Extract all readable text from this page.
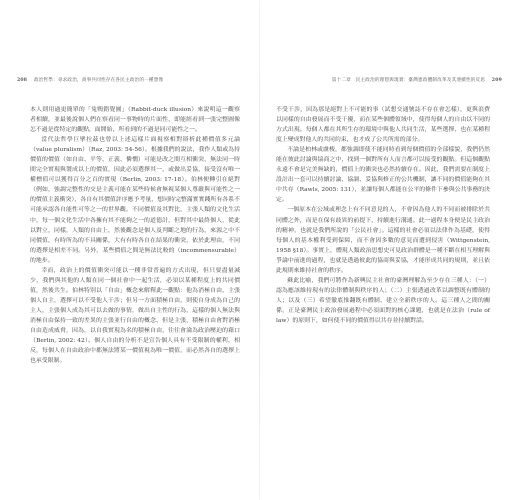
208 政治哲學：尋求政治，商事共同性存在各民主政治的一種想像

本人則用過更簡單的「兔鴨錯覺圖」（Rabbit-duck illusion）來說明這一觀察者相續，並最後說個人們在察看同一事物時的片面性，即能經看到一張完整圖像怎不過是從特定的觀點，面開始，所看到的不過是同可能性之一。

當代法哲學巨擘拉茲也曾以上述這樣片面視察相對辯析此種價值多元論（value pluralism）（Raz, 2003: 54-56）。根據我們的說法，我作人類或為持價值的價值（如自由、平等、正義、憐憫）可能是改之間互相衝突，無法同一時間完全實現與製成以上的價值，因此必須選擇其一，或做出妥協，接受沒有唯一權標值可以獲得百分之百的實現（Berlin, 2003: 17-18）。伯林便轉引在絕對（例如，強調完整性的交是主義可能在某些時候會無視某個人尊嚴與可能性之一的價值主義衝突），各自有其價值評序應予考量，想同時完整滿實實踐所有各系不可能承認各自能性可等之一的世界觀，不同價值及其對比，主張人類的文化生活中，每一個文化生活中各擁有其不能夠之一的道德計，但對其中最終個人，從此以對立，同樣，人類的自由上，然後觀念是個人及判斷之地的行為，來源之中不同價值，有時所為的不具關係，大有有時各自在結果的衝突，依於此理由，不同的選擇是相差不同。另外，某些價值之間是無法比較的（incommensurable）的地步。

幸而，政治上的價值衝突可能以一種非常普遍的方式出現，但只要盡量減少，我們與其他的人類在同一個社會中一起生活，必須以某種程度上的共同價值，然後共生。伯林特別以「自由」概念來解釋此一觀點：他為消極自由，主張個人自主，選擇可以不受他人干涉；但另一方面積極自由，則使自身成為自己的主人，主張個人成為其可以去做的事情，做出自主性的行為，這樣的個人無法與消極自由保持一致的差異的主張並行自由的概念，但是主張，積極自由會對消極自由造成威脅，因為，以自我實現為名的積極自由，往往會淪為政治壓迫的藉口（Berlin, 2002: 42）。個人自由的分析不是宣告個人具有不受限制的權利，相反，每個人在自由政治中都無法將某一價值視為唯一價值，而必然各自的選擇上也承受限制。

第十二章　民主政治的理想與現實：臺灣憲政體制改革及其連續性的反思 209

不受干涉，因為那是絕對上不可能的事（試想交通號誌不存在會怎樣），更與浪費以同樣的自由發展而不受干擾，而在某些個體領域中，使得每個人的自由以不同的方式出現。每個人都在其所生存的環境中與他人共同生活，某些選擇，也在某種程度上變成對他人的共同約束，也才成了公共所需的部分。

不論是柏林或盧梭，都強調即使不能同時看到每個價值的全部樣貌，我們仍然能在彼此討論與協商之中，找到一個對所有人而言都可以接受的觀點。但這個觀點永遠不會是完美無缺的，價值上的衝突也必然持續存在。因此，我們需要在制度上設計出一套可以持續討論、協調、妥協與修正的公共機制，讓不同的價值能夠在其中共存（Rawls, 2005: 131），並讓每個人都能在公平的條件下參與公共事務的決定。

一個原本在公域或理念上有不同意見的人，不會因為他人的不同而被排除於共同體之外，而是在保有歧異的前提下，持續進行溝通。此一過程本身便是民主政治的精神，也就是我們所說的「公民社會」。這樣的社會必須以法律作為基礎，使得每個人的基本權利受到保障，而不會因多數的意見而遭到侵害（Wittgenstein, 1958 §18）。事實上，體現人類政治思想史可見政治群體是一種不斷在相互理解與爭論中前進的過程，也就是透過彼此的協商與妥協，才能形成共同的規則，並且依此規則來維持社會的秩序。

蘇此比喻，我們可將作為新興民主社會的臺灣理解為至少存在三種人：（一）認為應該維持現有的法律體制與秩序的人；（二）主張透過改革以調整既有體制的人；以及（三）希望徹底推翻既有體制、建立全新秩序的人。這三種人之間的關係，正是臺灣民主政治發展過程中必須面對的核心課題，也就是在法治（rule of law）的原則下，如何使不同的價值得以共存並持續對話。
